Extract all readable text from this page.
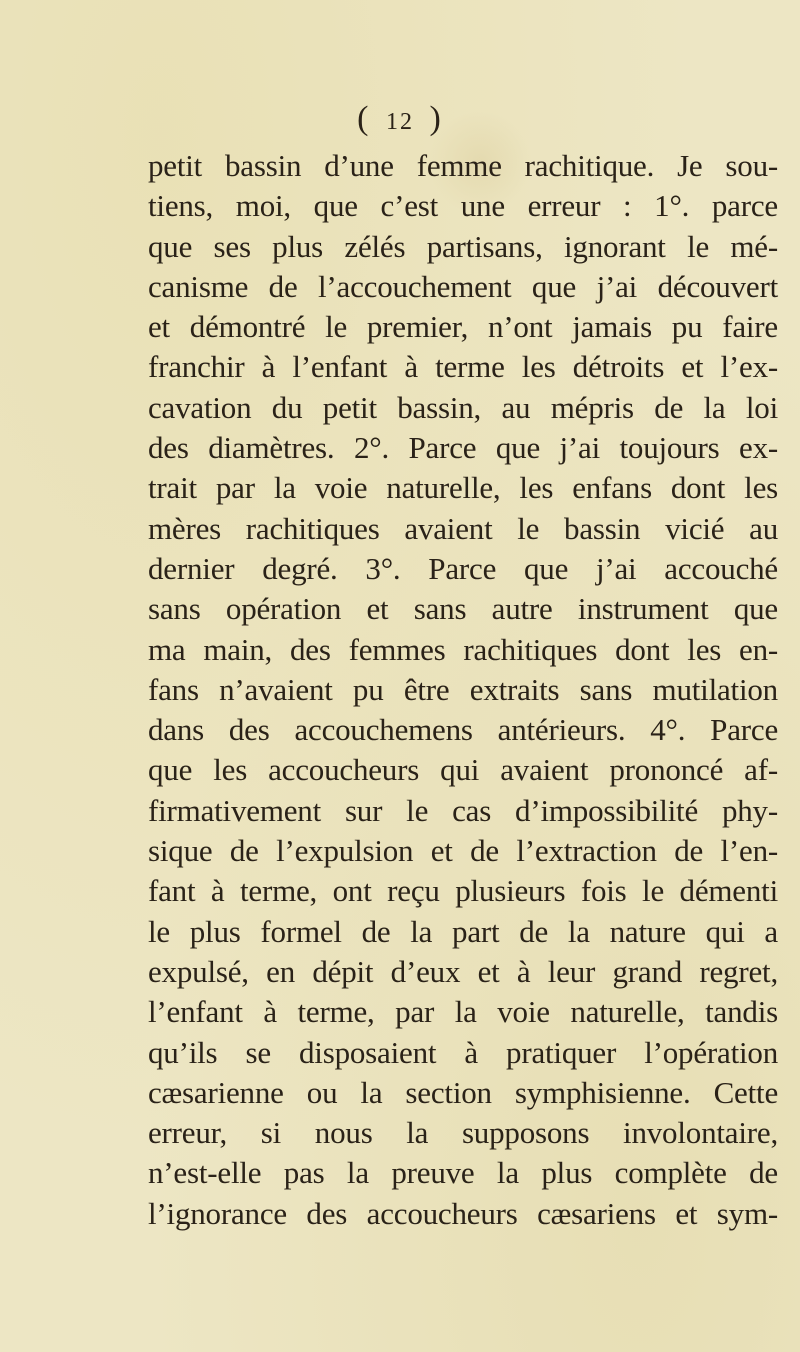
( 12 )
petit bassin d’une femme rachitique. Je sou-
tiens, moi, que c’est une erreur : 1°. parce
que ses plus zélés partisans, ignorant le mé-
canisme de l’accouchement que j’ai découvert
et démontré le premier, n’ont jamais pu faire
franchir à l’enfant à terme les détroits et l’ex-
cavation du petit bassin, au mépris de la loi
des diamètres. 2°. Parce que j’ai toujours ex-
trait par la voie naturelle, les enfans dont les
mères rachitiques avaient le bassin vicié au
dernier degré. 3°. Parce que j’ai accouché
sans opération et sans autre instrument que
ma main, des femmes rachitiques dont les en-
fans n’avaient pu être extraits sans mutilation
dans des accouchemens antérieurs. 4°. Parce
que les accoucheurs qui avaient prononcé af-
firmativement sur le cas d’impossibilité phy-
sique de l’expulsion et de l’extraction de l’en-
fant à terme, ont reçu plusieurs fois le démenti
le plus formel de la part de la nature qui a
expulsé, en dépit d’eux et à leur grand regret,
l’enfant à terme, par la voie naturelle, tandis
qu’ils se disposaient à pratiquer l’opération
cæsarienne ou la section symphisienne. Cette
erreur, si nous la supposons involontaire,
n’est-elle pas la preuve la plus complète de
l’ignorance des accoucheurs cæsariens et sym-
